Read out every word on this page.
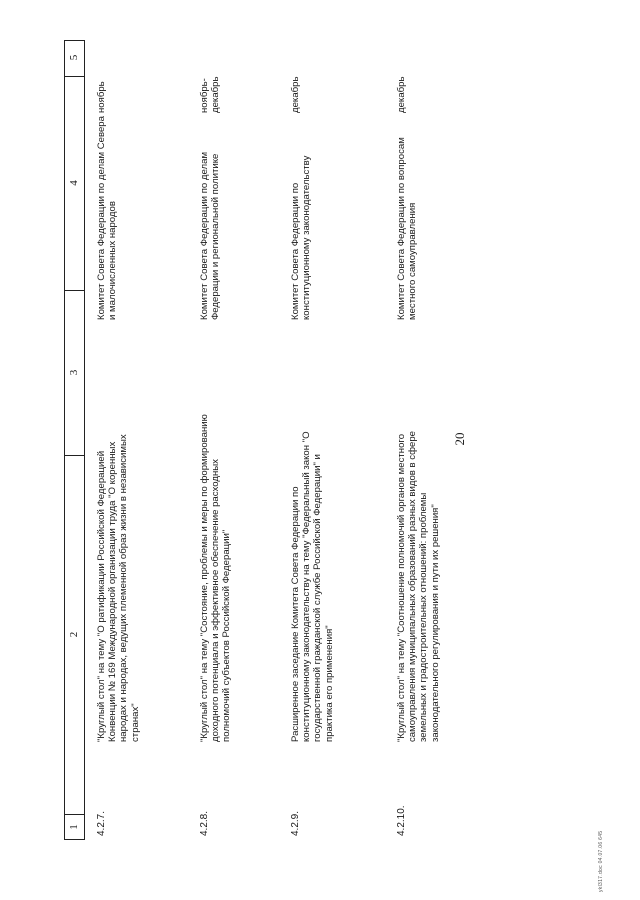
20
1
2
3
4
5
4.2.7.
"Круглый стол" на тему "О ратификации Российской Федерацией Конвенции № 169 Международной организации труда "О коренных народах и народах, ведущих племенной образ жизни в независимых странах"
Комитет Совета Федерации по делам Севера и малочисленных народов
ноябрь
4.2.8.
"Круглый стол" на тему "Состояние, проблемы и меры по формированию доходного потенциала и эффективное обеспечение расходных полномочий субъектов Российской Федерации"
Комитет Совета Федерации по делам Федерации и региональной политике
ноябрь-декабрь
4.2.9.
Расширенное заседание Комитета Совета Федерации по конституционному законодательству на тему "Федеральный закон "О государственной гражданской службе Российской Федерации" и практика его применения"
Комитет Совета Федерации по конституционному законодательству
декабрь
4.2.10.
"Круглый стол" на тему "Соотношение полномочий органов местного самоуправления муниципальных образований разных видов в сфере земельных и градостроительных отношений: проблемы законодательного регулирования и пути их решения"
Комитет Совета Федерации по вопросам местного самоуправления
декабрь
ykl317.doc 04.07.06 645
